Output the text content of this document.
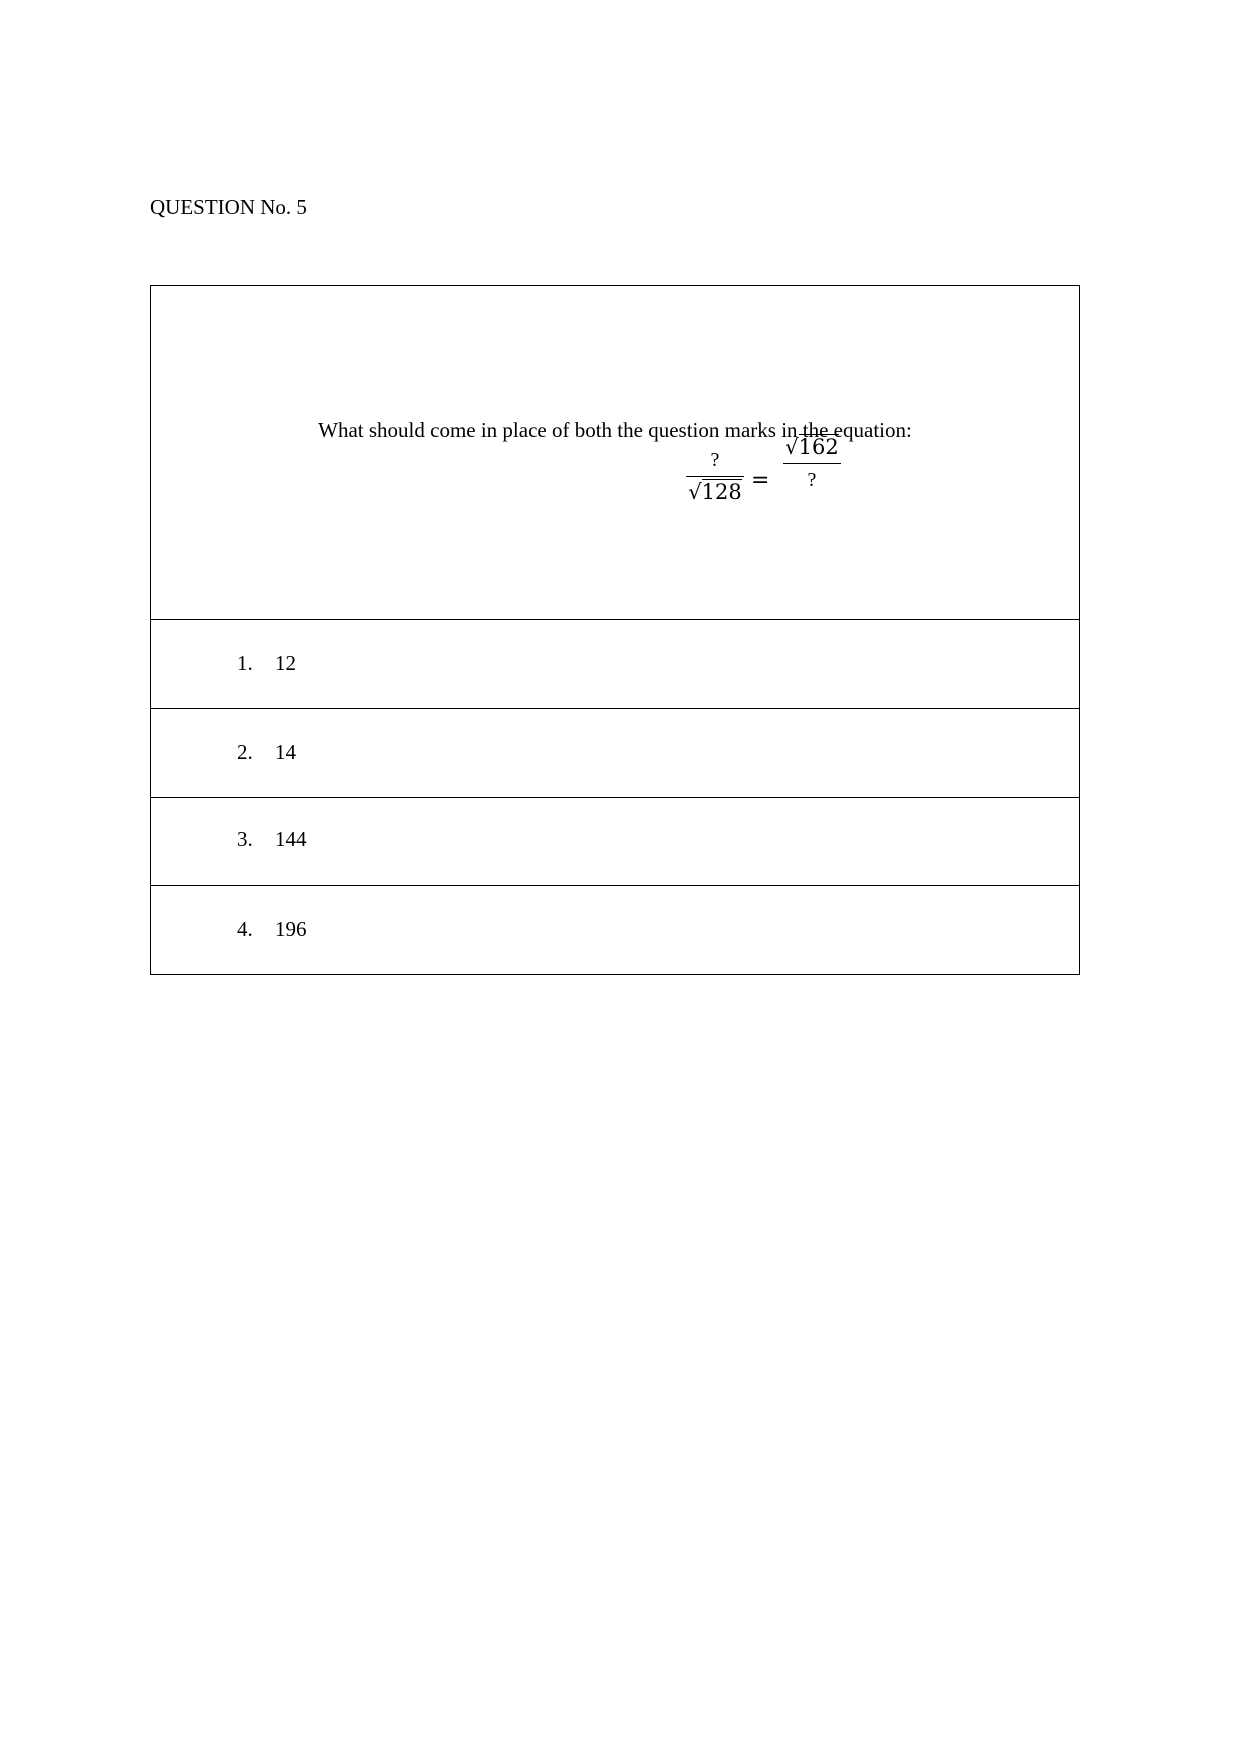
QUESTION No. 5
What should come in place of both the question marks in the equation:
?
√128 =
√162
?
1. 12
2. 14
3. 144
4. 196
